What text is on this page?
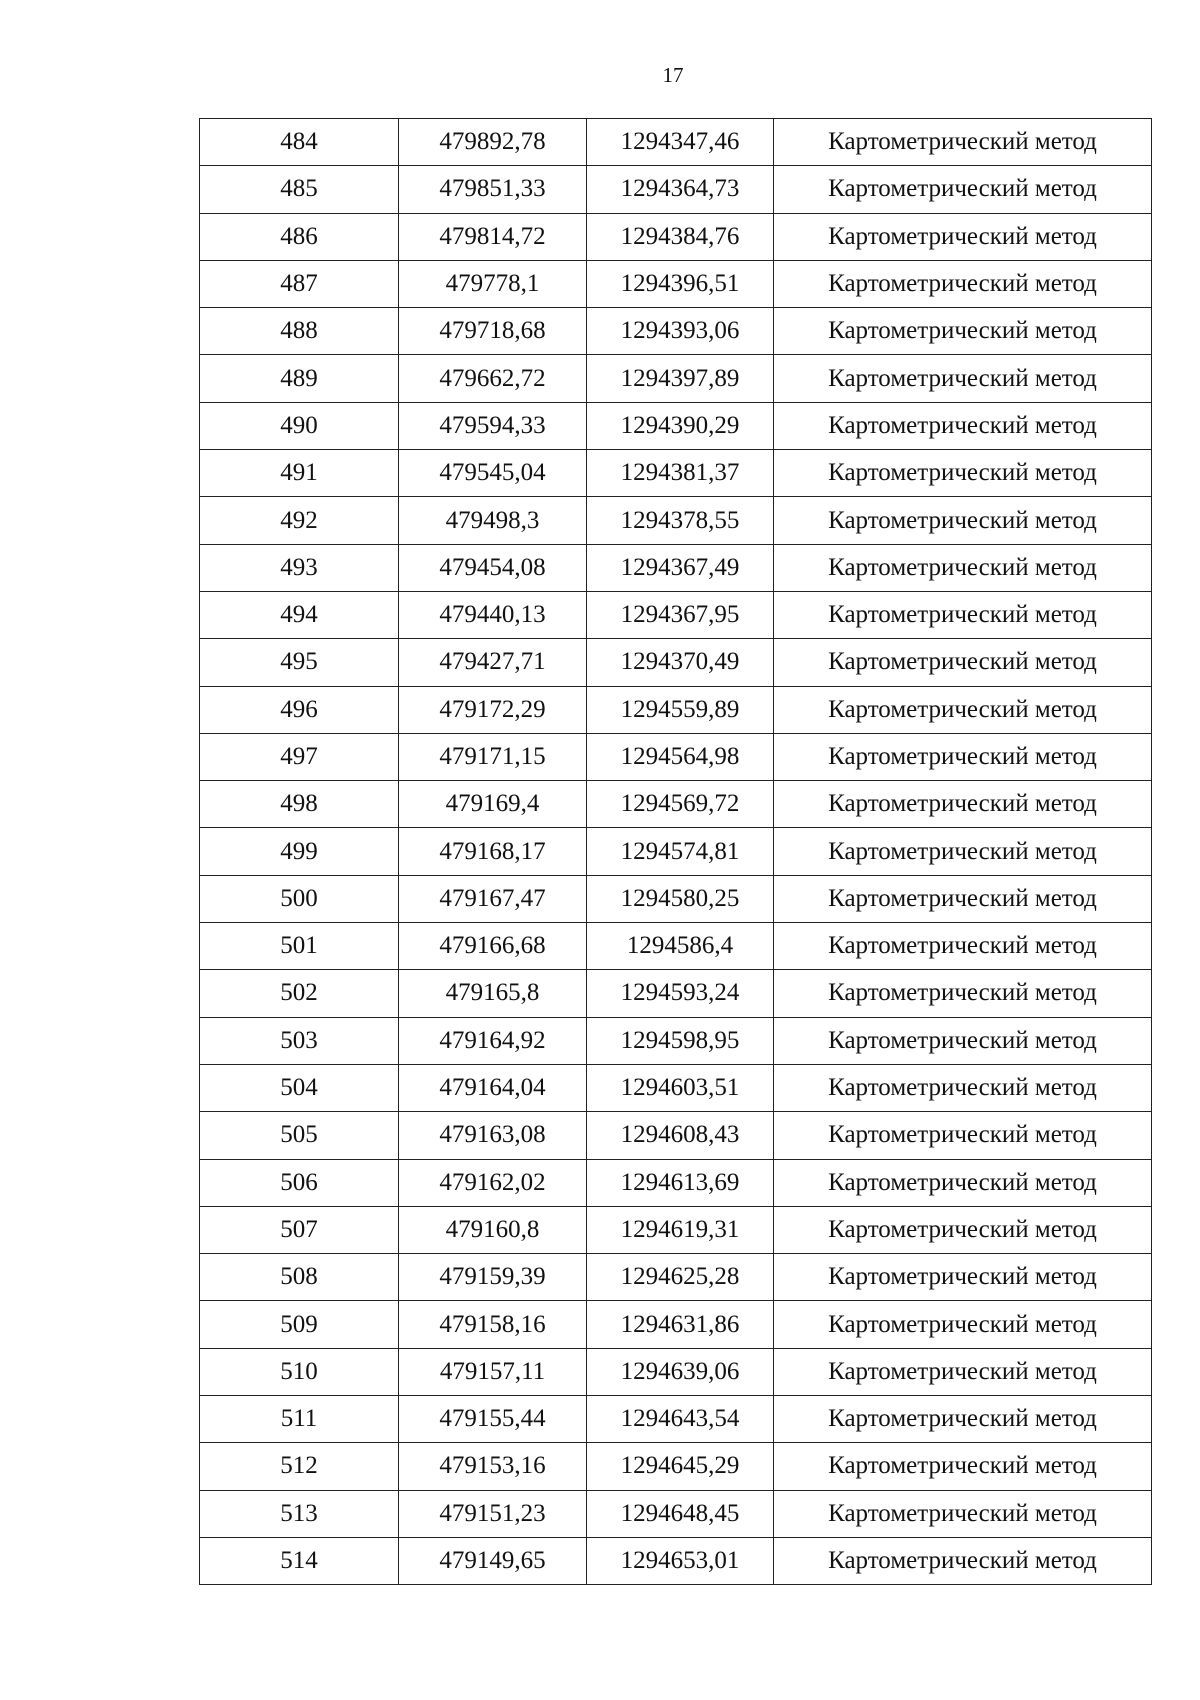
17
484	479892,78	1294347,46	Картометрический метод
485	479851,33	1294364,73	Картометрический метод
486	479814,72	1294384,76	Картометрический метод
487	479778,1	1294396,51	Картометрический метод
488	479718,68	1294393,06	Картометрический метод
489	479662,72	1294397,89	Картометрический метод
490	479594,33	1294390,29	Картометрический метод
491	479545,04	1294381,37	Картометрический метод
492	479498,3	1294378,55	Картометрический метод
493	479454,08	1294367,49	Картометрический метод
494	479440,13	1294367,95	Картометрический метод
495	479427,71	1294370,49	Картометрический метод
496	479172,29	1294559,89	Картометрический метод
497	479171,15	1294564,98	Картометрический метод
498	479169,4	1294569,72	Картометрический метод
499	479168,17	1294574,81	Картометрический метод
500	479167,47	1294580,25	Картометрический метод
501	479166,68	1294586,4	Картометрический метод
502	479165,8	1294593,24	Картометрический метод
503	479164,92	1294598,95	Картометрический метод
504	479164,04	1294603,51	Картометрический метод
505	479163,08	1294608,43	Картометрический метод
506	479162,02	1294613,69	Картометрический метод
507	479160,8	1294619,31	Картометрический метод
508	479159,39	1294625,28	Картометрический метод
509	479158,16	1294631,86	Картометрический метод
510	479157,11	1294639,06	Картометрический метод
511	479155,44	1294643,54	Картометрический метод
512	479153,16	1294645,29	Картометрический метод
513	479151,23	1294648,45	Картометрический метод
514	479149,65	1294653,01	Картометрический метод
